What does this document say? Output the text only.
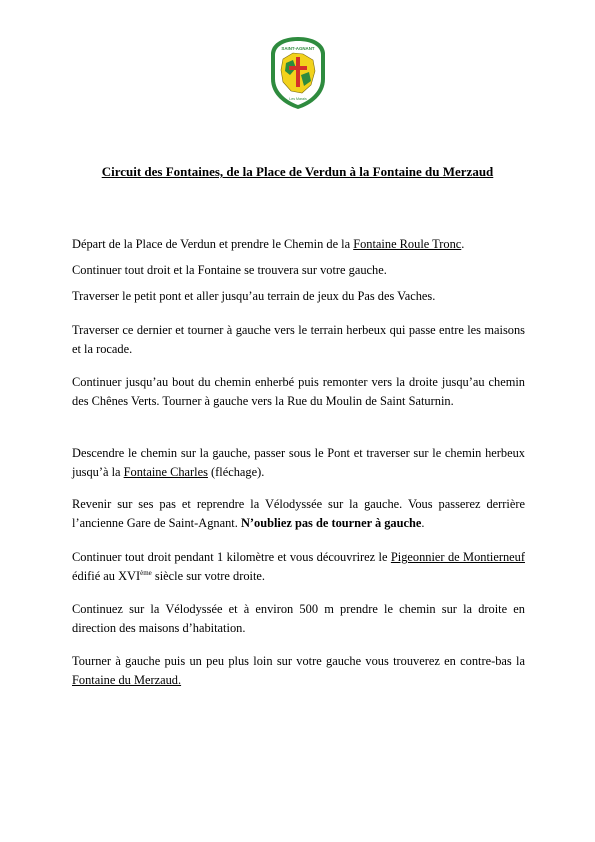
SAINT-AGNANT
Les Marais
Circuit des Fontaines, de la Place de Verdun à la Fontaine du Merzaud

Départ de la Place de Verdun et prendre le Chemin de la Fontaine Roule Tronc.

Continuer tout droit et la Fontaine se trouvera sur votre gauche.

Traverser le petit pont et aller jusqu’au terrain de jeux du Pas des Vaches.

Traverser ce dernier et tourner à gauche vers le terrain herbeux qui passe entre les maisons et la rocade.

Continuer jusqu’au bout du chemin enherbé puis remonter vers la droite jusqu’au chemin des Chênes Verts. Tourner à gauche vers la Rue du Moulin de Saint Saturnin.

Descendre le chemin sur la gauche, passer sous le Pont et traverser sur le chemin herbeux jusqu’à la Fontaine Charles (fléchage).

Revenir sur ses pas et reprendre la Vélodyssée sur la gauche. Vous passerez derrière l’ancienne Gare de Saint-Agnant. N’oubliez pas de tourner à gauche.

Continuer tout droit pendant 1 kilomètre et vous découvrirez le Pigeonnier de Montierneuf édifié au XVIème siècle sur votre droite.

Continuez sur la Vélodyssée et à environ 500 m prendre le chemin sur la droite en direction des maisons d’habitation.

Tourner à gauche puis un peu plus loin sur votre gauche vous trouverez en contre-bas la Fontaine du Merzaud.
